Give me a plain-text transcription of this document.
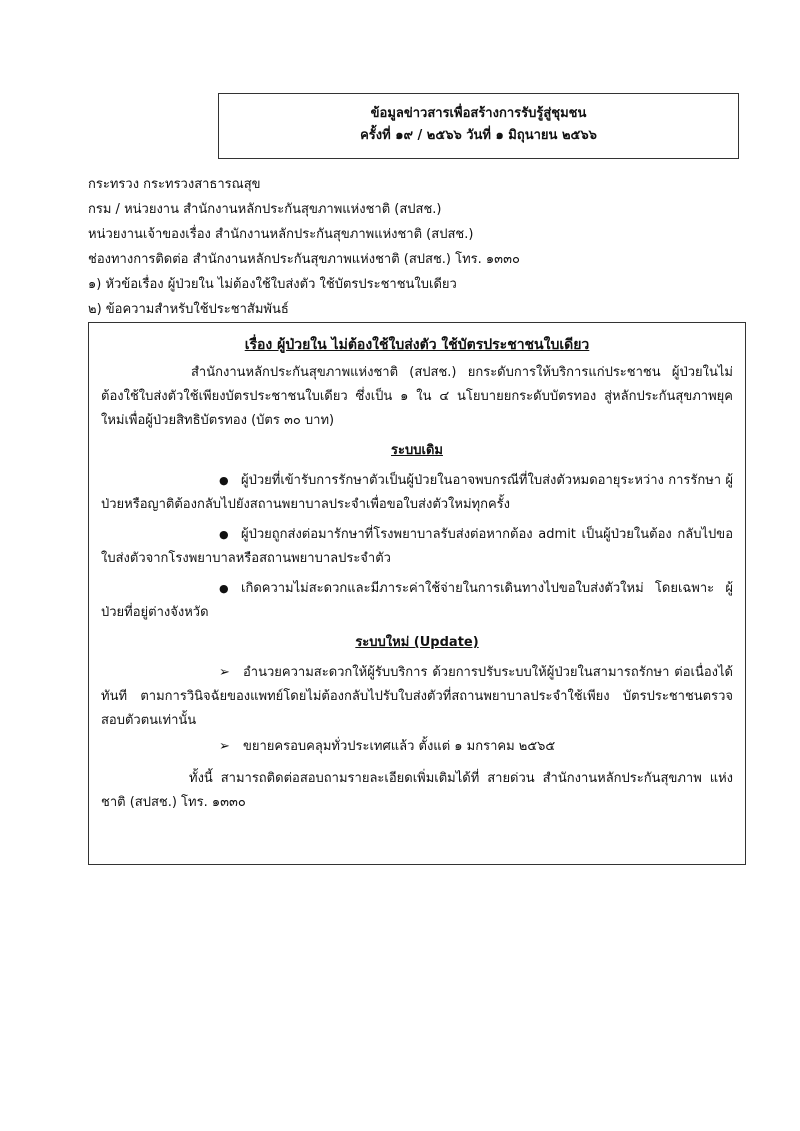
ข้อมูลข่าวสารเพื่อสร้างการรับรู้สู่ชุมชน
ครั้งที่ ๑๙ / ๒๕๖๖ วันที่ ๑ มิถุนายน ๒๕๖๖
กระทรวง กระทรวงสาธารณสุข
กรม / หน่วยงาน สำนักงานหลักประกันสุขภาพแห่งชาติ (สปสช.)
หน่วยงานเจ้าของเรื่อง สำนักงานหลักประกันสุขภาพแห่งชาติ (สปสช.)
ช่องทางการติดต่อ สำนักงานหลักประกันสุขภาพแห่งชาติ (สปสช.) โทร. ๑๓๓๐
๑) หัวข้อเรื่อง ผู้ป่วยใน ไม่ต้องใช้ใบส่งตัว ใช้บัตรประชาชนใบเดียว
๒) ข้อความสำหรับใช้ประชาสัมพันธ์
เรื่อง ผู้ป่วยใน ไม่ต้องใช้ใบส่งตัว ใช้บัตรประชาชนใบเดียว

สำนักงานหลักประกันสุขภาพแห่งชาติ (สปสช.) ยกระดับการให้บริการแก่ประชาชน ผู้ป่วยในไม่ต้องใช้ใบส่งตัวใช้เพียงบัตรประชาชนใบเดียว ซึ่งเป็น ๑ ใน ๔ นโยบายยกระดับบัตรทอง สู่หลักประกันสุขภาพยุคใหม่เพื่อผู้ป่วยสิทธิบัตรทอง (บัตร ๓๐ บาท)

ระบบเดิม

● ผู้ป่วยที่เข้ารับการรักษาตัวเป็นผู้ป่วยในอาจพบกรณีที่ใบส่งตัวหมดอายุระหว่าง การรักษา ผู้ป่วยหรือญาติต้องกลับไปยังสถานพยาบาลประจำเพื่อขอใบส่งตัวใหม่ทุกครั้ง

● ผู้ป่วยถูกส่งต่อมารักษาที่โรงพยาบาลรับส่งต่อหากต้อง admit เป็นผู้ป่วยในต้อง กลับไปขอใบส่งตัวจากโรงพยาบาลหรือสถานพยาบาลประจำตัว

● เกิดความไม่สะดวกและมีภาระค่าใช้จ่ายในการเดินทางไปขอใบส่งตัวใหม่ โดยเฉพาะ ผู้ป่วยที่อยู่ต่างจังหวัด

ระบบใหม่ (Update)

➢ อำนวยความสะดวกให้ผู้รับบริการ ด้วยการปรับระบบให้ผู้ป่วยในสามารถรักษา ต่อเนื่องได้ทันที ตามการวินิจฉัยของแพทย์โดยไม่ต้องกลับไปรับใบส่งตัวที่สถานพยาบาลประจำใช้เพียง บัตรประชาชนตรวจสอบตัวตนเท่านั้น

➢ ขยายครอบคลุมทั่วประเทศแล้ว ตั้งแต่ ๑ มกราคม ๒๕๖๕

ทั้งนี้ สามารถติดต่อสอบถามรายละเอียดเพิ่มเติมได้ที่ สายด่วน สำนักงานหลักประกันสุขภาพ แห่งชาติ (สปสช.) โทร. ๑๓๓๐
